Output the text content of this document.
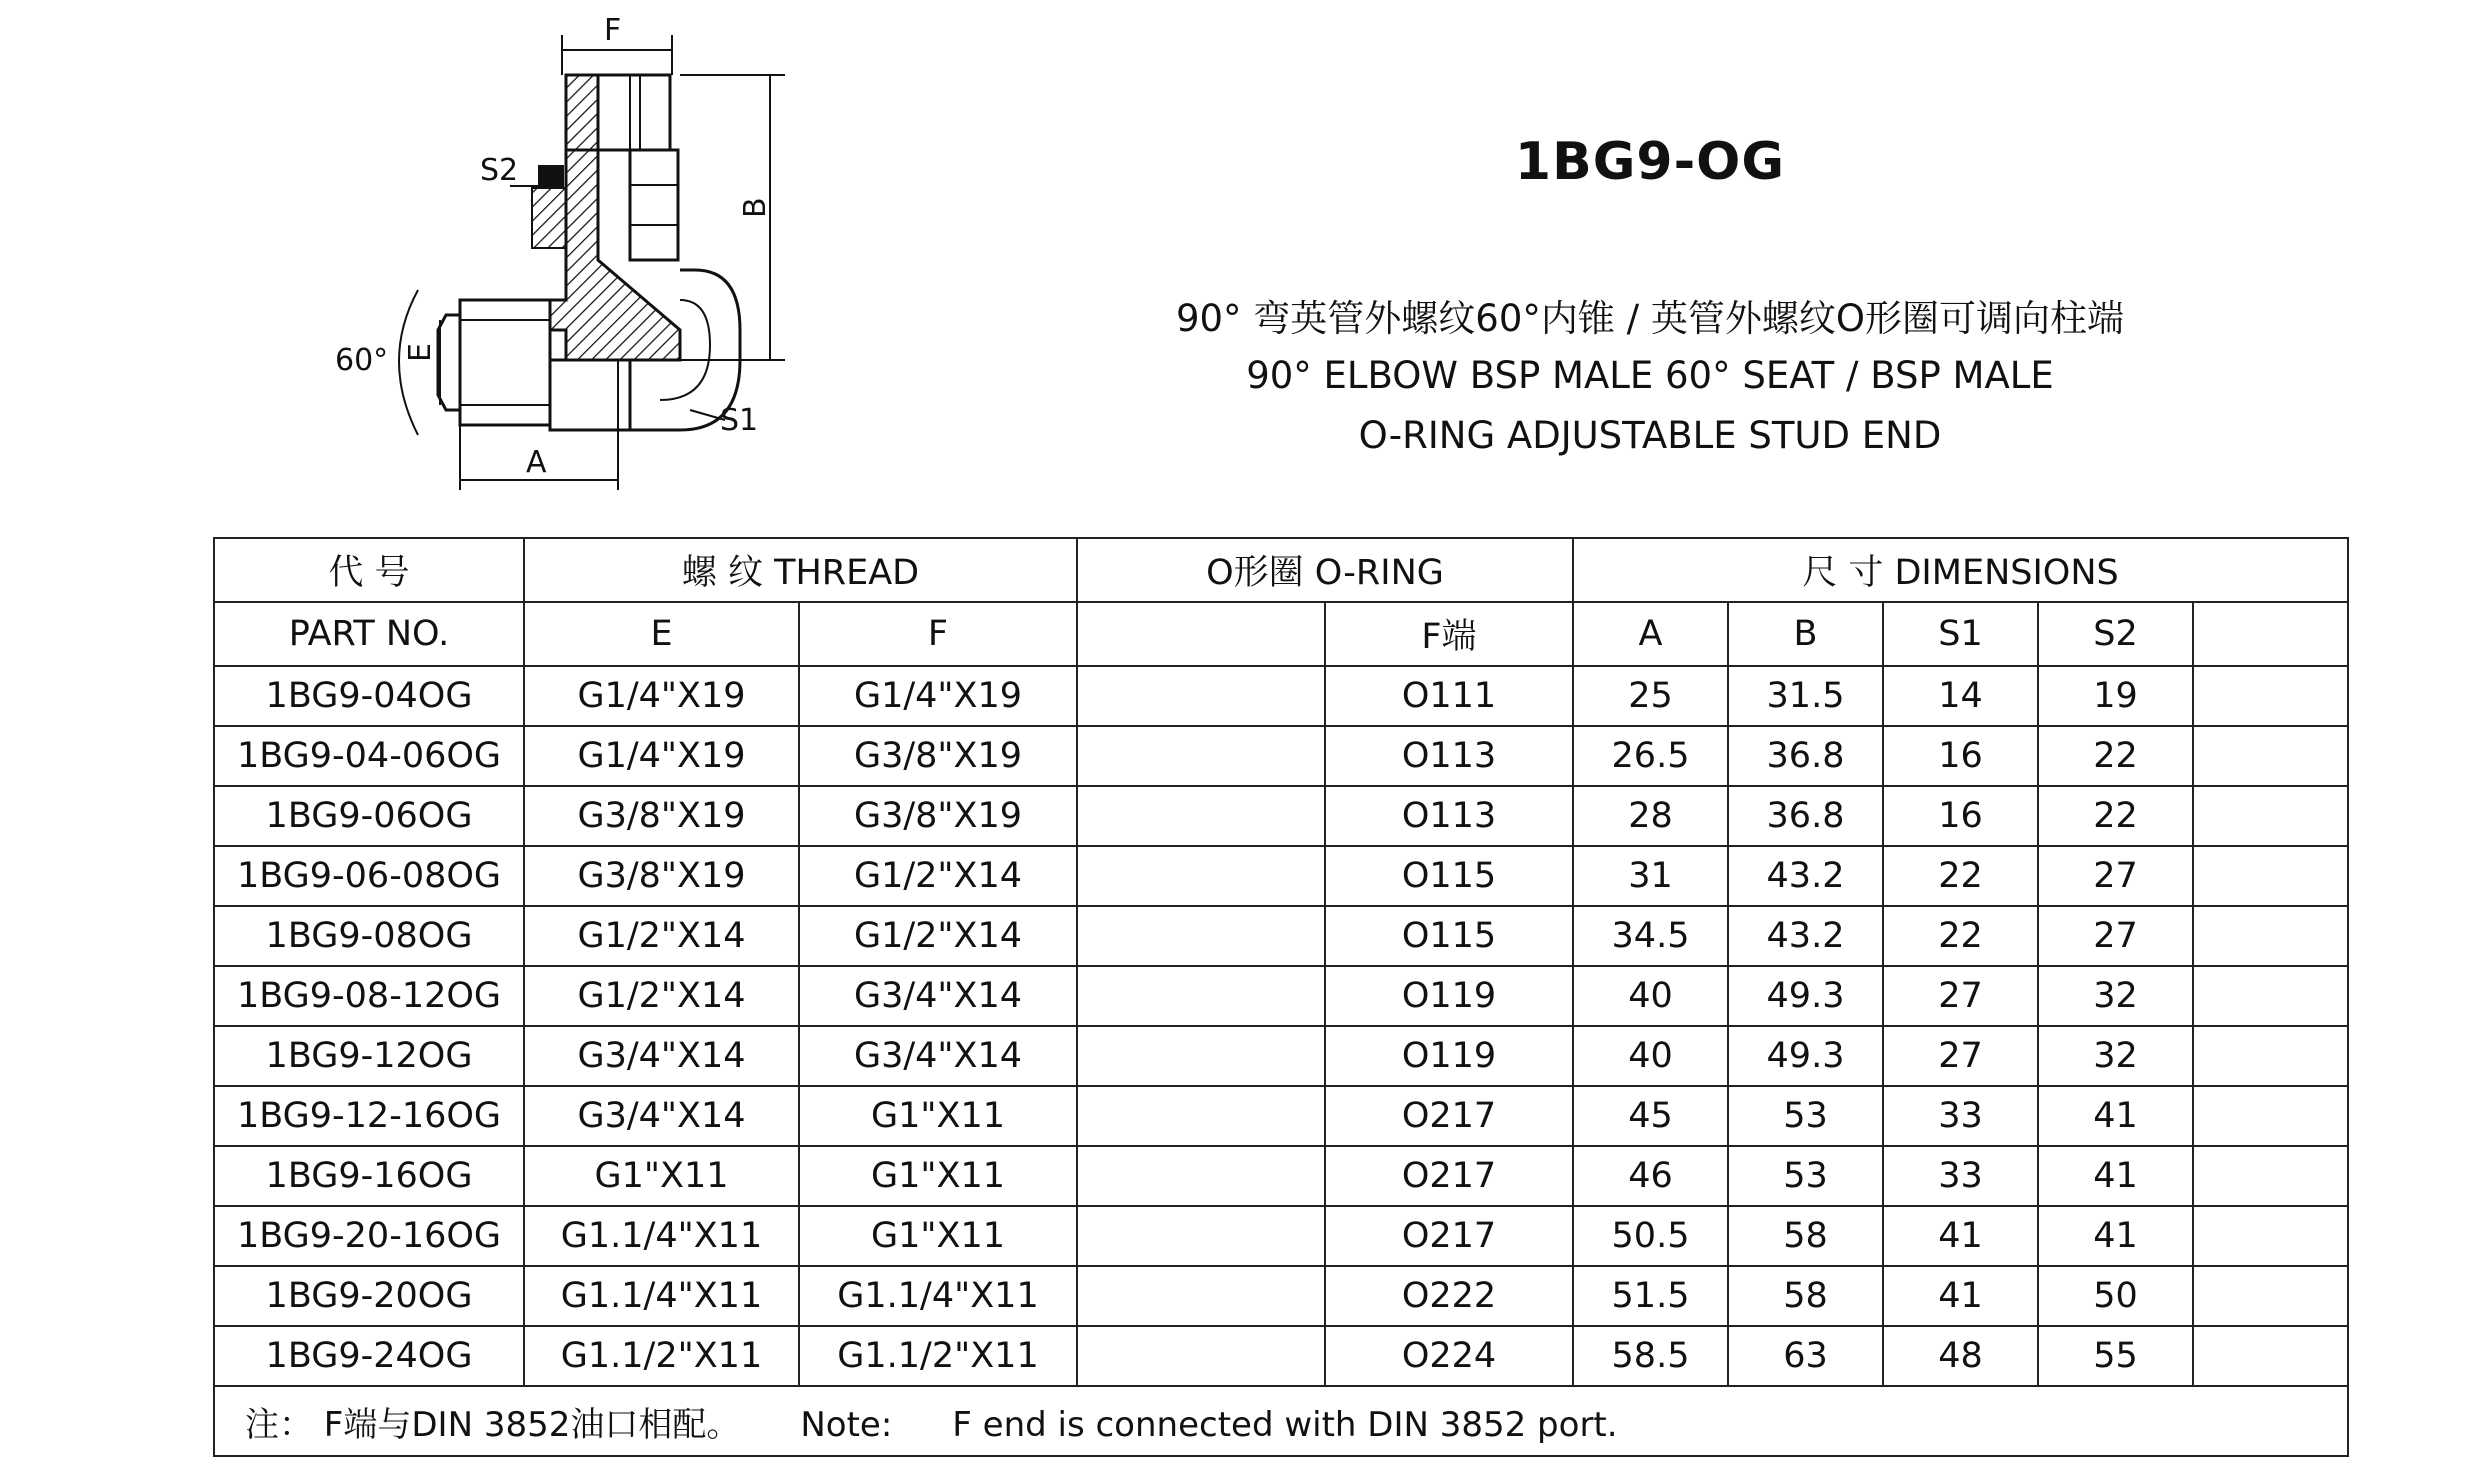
F
S2
B
S1
E
60°
A
1BG9-OG
90° 弯英管外螺纹60°内锥 / 英管外螺纹O形圈可调向柱端
90° ELBOW BSP MALE 60° SEAT / BSP MALE
O-RING ADJUSTABLE STUD END
代 号	螺 纹 THREAD		O形圈 O-RING		尺 寸 DIMENSIONS				
PART NO.	E	F		F端	A	B	S1	S2	
1BG9-04OG	G1/4"X19	G1/4"X19		O111	25	31.5	14	19	
1BG9-04-06OG	G1/4"X19	G3/8"X19		O113	26.5	36.8	16	22	
1BG9-06OG	G3/8"X19	G3/8"X19		O113	28	36.8	16	22	
1BG9-06-08OG	G3/8"X19	G1/2"X14		O115	31	43.2	22	27	
1BG9-08OG	G1/2"X14	G1/2"X14		O115	34.5	43.2	22	27	
1BG9-08-12OG	G1/2"X14	G3/4"X14		O119	40	49.3	27	32	
1BG9-12OG	G3/4"X14	G3/4"X14		O119	40	49.3	27	32	
1BG9-12-16OG	G3/4"X14	G1"X11		O217	45	53	33	41	
1BG9-16OG	G1"X11	G1"X11		O217	46	53	33	41	
1BG9-20-16OG	G1.1/4"X11	G1"X11		O217	50.5	58	41	41	
1BG9-20OG	G1.1/4"X11	G1.1/4"X11		O222	51.5	58	41	50	
1BG9-24OG	G1.1/2"X11	G1.1/2"X11		O224	58.5	63	48	55	
注： F端与DIN 3852油口相配。 Note: F end is connected with DIN 3852 port.									
